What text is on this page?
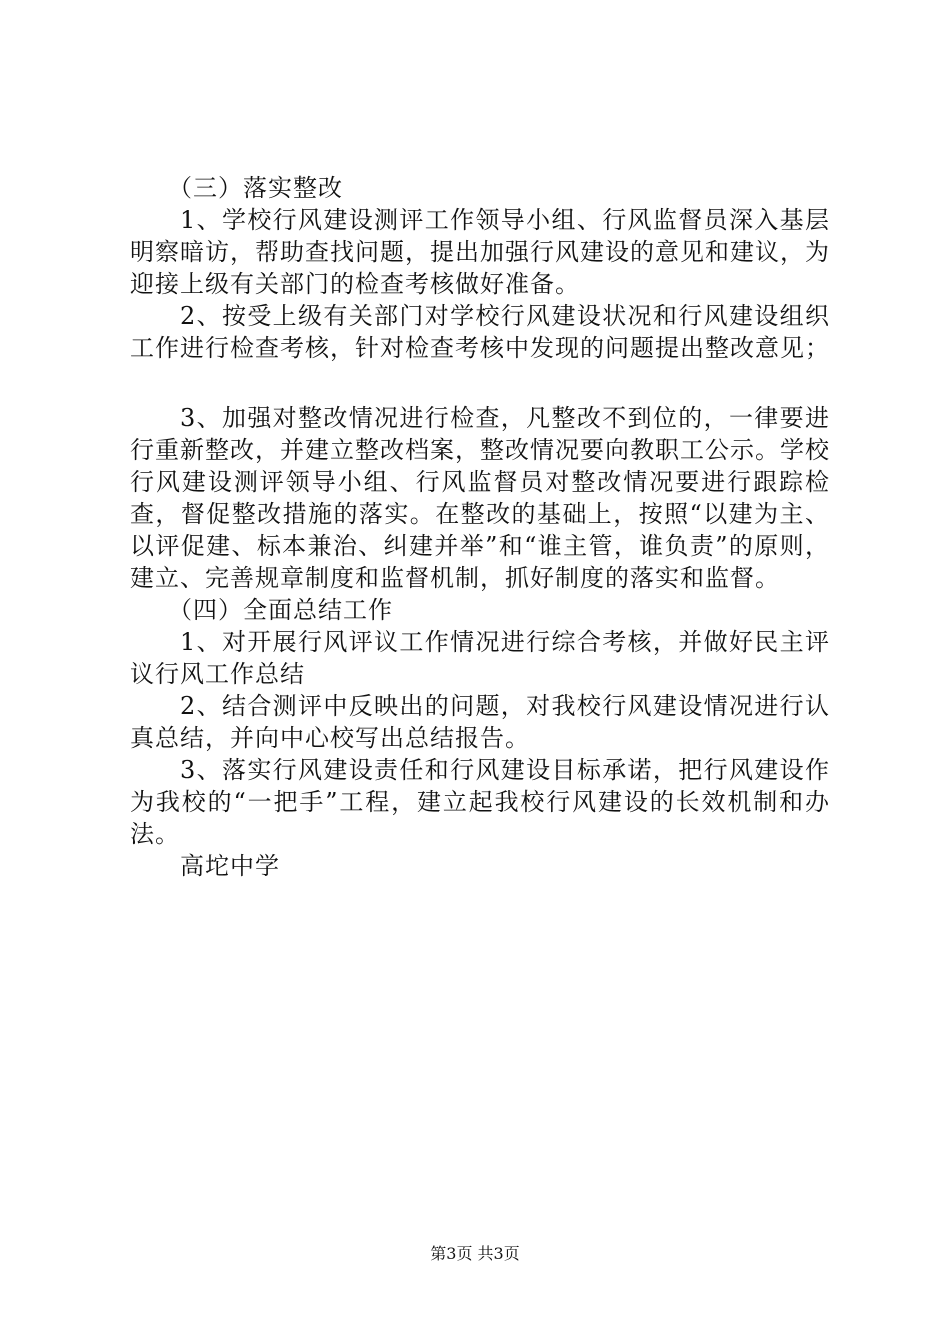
（三）落实整改

1、学校行风建设测评工作领导小组、行风监督员深入基层明察暗访，帮助查找问题，提出加强行风建设的意见和建议，为迎接上级有关部门的检查考核做好准备。

2、按受上级有关部门对学校行风建设状况和行风建设组织工作进行检查考核，针对检查考核中发现的问题提出整改意见；

3、加强对整改情况进行检查，凡整改不到位的，一律要进行重新整改，并建立整改档案，整改情况要向教职工公示。学校行风建设测评领导小组、行风监督员对整改情况要进行跟踪检查，督促整改措施的落实。在整改的基础上，按照“以建为主、以评促建、标本兼治、纠建并举”和“谁主管，谁负责”的原则，建立、完善规章制度和监督机制，抓好制度的落实和监督。

（四）全面总结工作

1、对开展行风评议工作情况进行综合考核，并做好民主评议行风工作总结

2、结合测评中反映出的问题，对我校行风建设情况进行认真总结，并向中心校写出总结报告。

3、落实行风建设责任和行风建设目标承诺，把行风建设作为我校的“一把手”工程，建立起我校行风建设的长效机制和办法。

高坨中学

第3页 共3页
